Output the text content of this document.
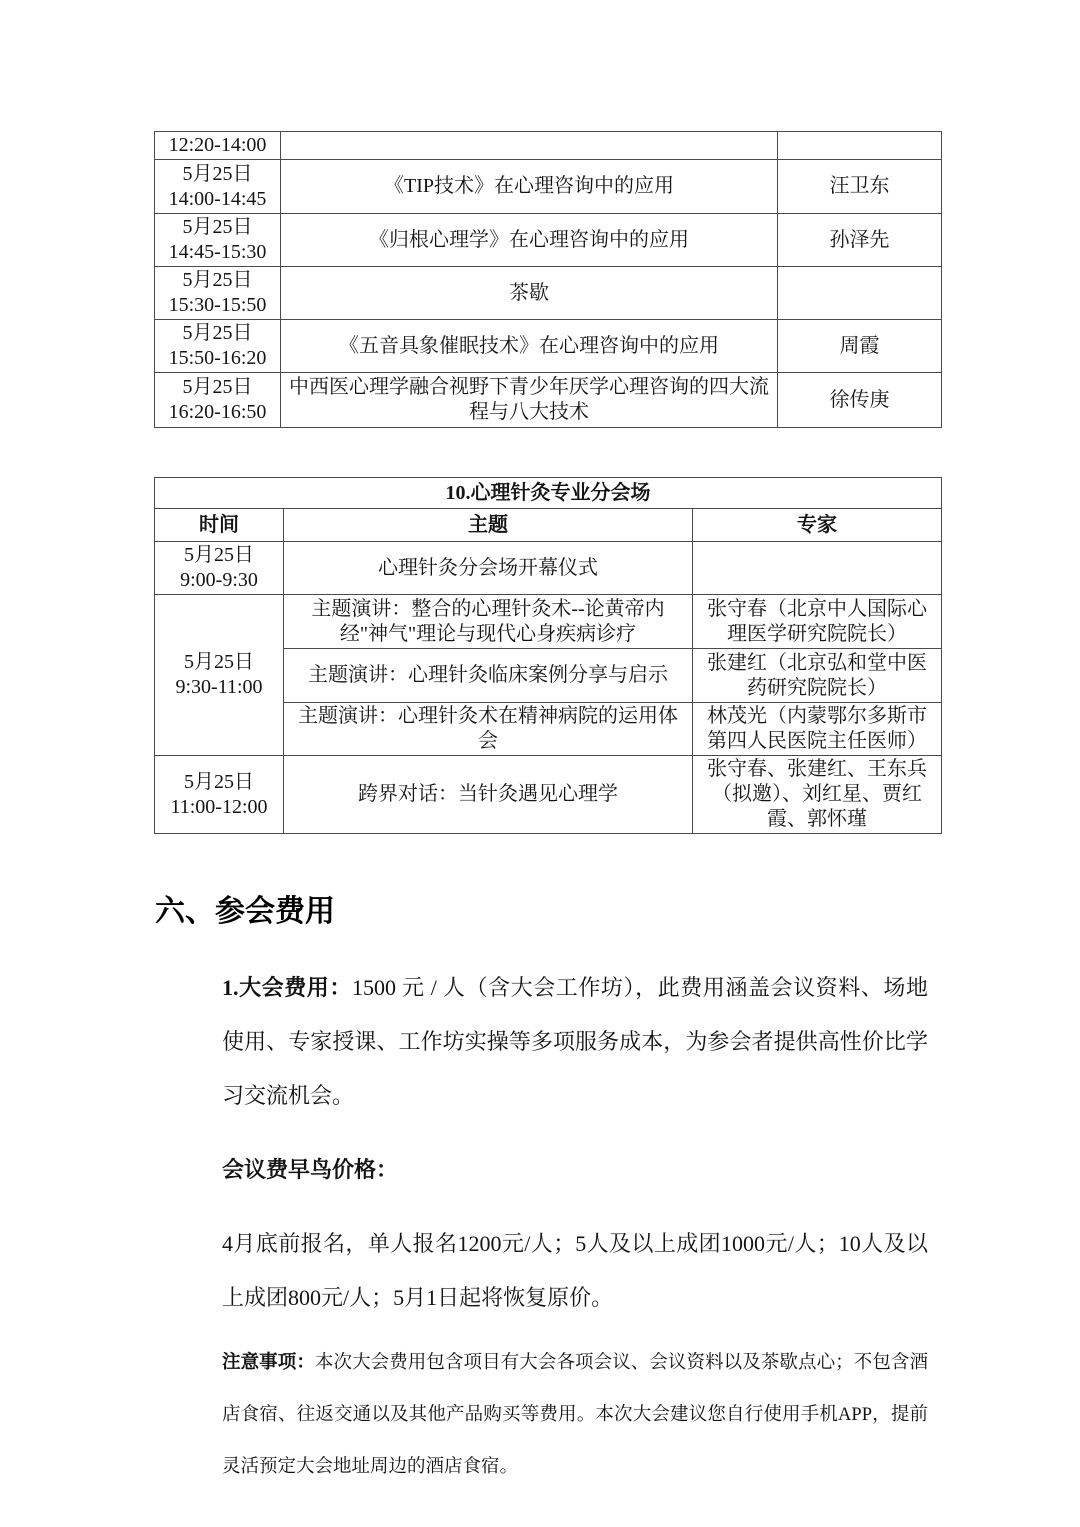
12:20-14:00		

5月25日
14:00-14:45	《TIP技术》在心理咨询中的应用	汪卫东

5月25日
14:45-15:30	《归根心理学》在心理咨询中的应用	孙泽先

5月25日
15:30-15:50	茶歇	

5月25日
15:50-16:20	《五音具象催眠技术》在心理咨询中的应用	周霞

5月25日
16:20-16:50	中西医心理学融合视野下青少年厌学心理咨询的四大流程与八大技术	徐传庚
10.心理针灸专业分会场		
时间	主题	专家

5月25日
9:00-9:30	心理针灸分会场开幕仪式	

5月25日
9:30-11:00	主题演讲：整合的心理针灸术--论黄帝内经"神气"理论与现代心身疾病诊疗	张守春（北京中人国际心理医学研究院院长）
	主题演讲：心理针灸临床案例分享与启示	张建红（北京弘和堂中医药研究院院长）
	主题演讲：心理针灸术在精神病院的运用体会	林茂光（内蒙鄂尔多斯市第四人民医院主任医师）

5月25日
11:00-12:00	跨界对话：当针灸遇见心理学	张守春、张建红、王东兵（拟邀）、刘红星、贾红霞、郭怀瑾
六、参会费用

1.大会费用：1500 元 / 人（含大会工作坊），此费用涵盖会议资料、场地使用、专家授课、工作坊实操等多项服务成本，为参会者提供高性价比学习交流机会。

会议费早鸟价格：

4月底前报名，单人报名1200元/人；5人及以上成团1000元/人；10人及以上成团800元/人；5月1日起将恢复原价。

注意事项：本次大会费用包含项目有大会各项会议、会议资料以及茶歇点心；不包含酒店食宿、往返交通以及其他产品购买等费用。本次大会建议您自行使用手机APP，提前灵活预定大会地址周边的酒店食宿。
